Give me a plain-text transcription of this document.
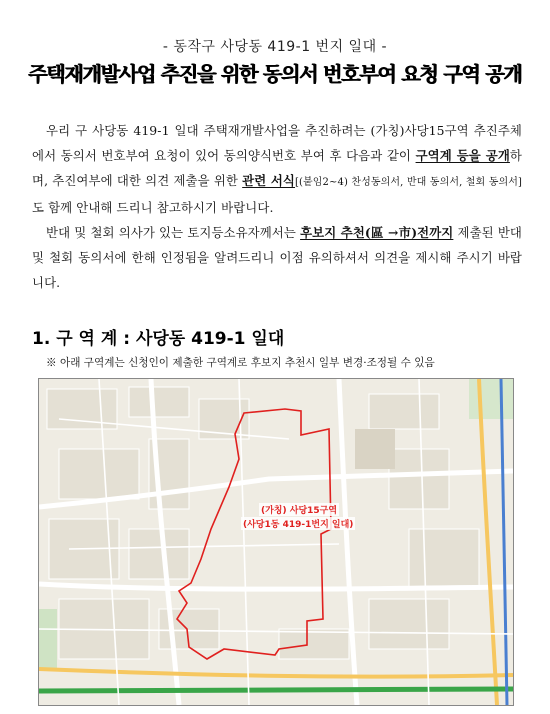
- 동작구 사당동 419-1 번지 일대 -
주택재개발사업 추진을 위한 동의서 번호부여 요청 구역 공개
우리 구 사당동 419-1 일대 주택재개발사업을 추진하려는 (가칭)사당15구역 추진주체에서 동의서 번호부여 요청이 있어 동의양식번호 부여 후 다음과 같이 구역계 등을 공개하며, 추진여부에 대한 의견 제출을 위한 관련 서식[(붙임2~4) 찬성동의서, 반대 동의서, 철회 동의서]도 함께 안내해 드리니 참고하시기 바랍니다.
반대 및 철회 의사가 있는 토지등소유자께서는 후보지 추천(區 →市)전까지 제출된 반대 및 철회 동의서에 한해 인정됨을 알려드리니 이점 유의하셔서 의견을 제시해 주시기 바랍니다.
1. 구 역 계 : 사당동 419-1 일대
※ 아래 구역계는 신청인이 제출한 구역계로 후보지 추천시 일부 변경·조정될 수 있음
(가칭) 사당15구역
(사당1동 419-1번지 일대)
